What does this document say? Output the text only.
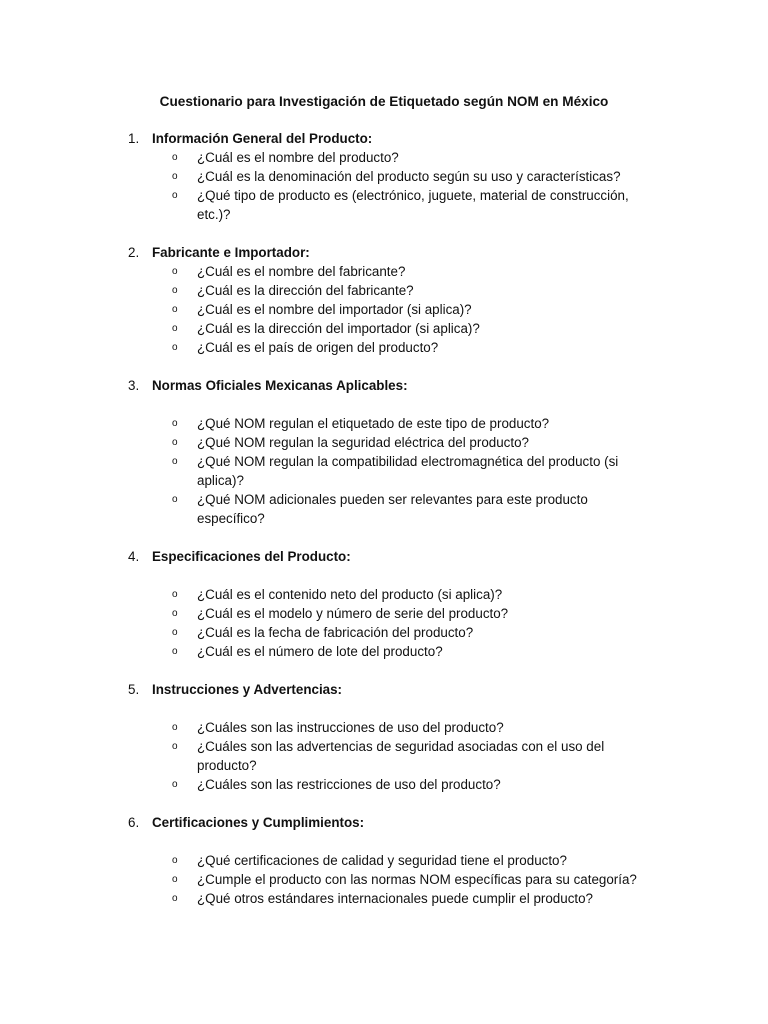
Cuestionario para Investigación de Etiquetado según NOM en México
1. Información General del Producto:
o ¿Cuál es el nombre del producto?
o ¿Cuál es la denominación del producto según su uso y características?
o ¿Qué tipo de producto es (electrónico, juguete, material de construcción, etc.)?
2. Fabricante e Importador:
o ¿Cuál es el nombre del fabricante?
o ¿Cuál es la dirección del fabricante?
o ¿Cuál es el nombre del importador (si aplica)?
o ¿Cuál es la dirección del importador (si aplica)?
o ¿Cuál es el país de origen del producto?
3. Normas Oficiales Mexicanas Aplicables:
o ¿Qué NOM regulan el etiquetado de este tipo de producto?
o ¿Qué NOM regulan la seguridad eléctrica del producto?
o ¿Qué NOM regulan la compatibilidad electromagnética del producto (si aplica)?
o ¿Qué NOM adicionales pueden ser relevantes para este producto específico?
4. Especificaciones del Producto:
o ¿Cuál es el contenido neto del producto (si aplica)?
o ¿Cuál es el modelo y número de serie del producto?
o ¿Cuál es la fecha de fabricación del producto?
o ¿Cuál es el número de lote del producto?
5. Instrucciones y Advertencias:
o ¿Cuáles son las instrucciones de uso del producto?
o ¿Cuáles son las advertencias de seguridad asociadas con el uso del producto?
o ¿Cuáles son las restricciones de uso del producto?
6. Certificaciones y Cumplimientos:
o ¿Qué certificaciones de calidad y seguridad tiene el producto?
o ¿Cumple el producto con las normas NOM específicas para su categoría?
o ¿Qué otros estándares internacionales puede cumplir el producto?
